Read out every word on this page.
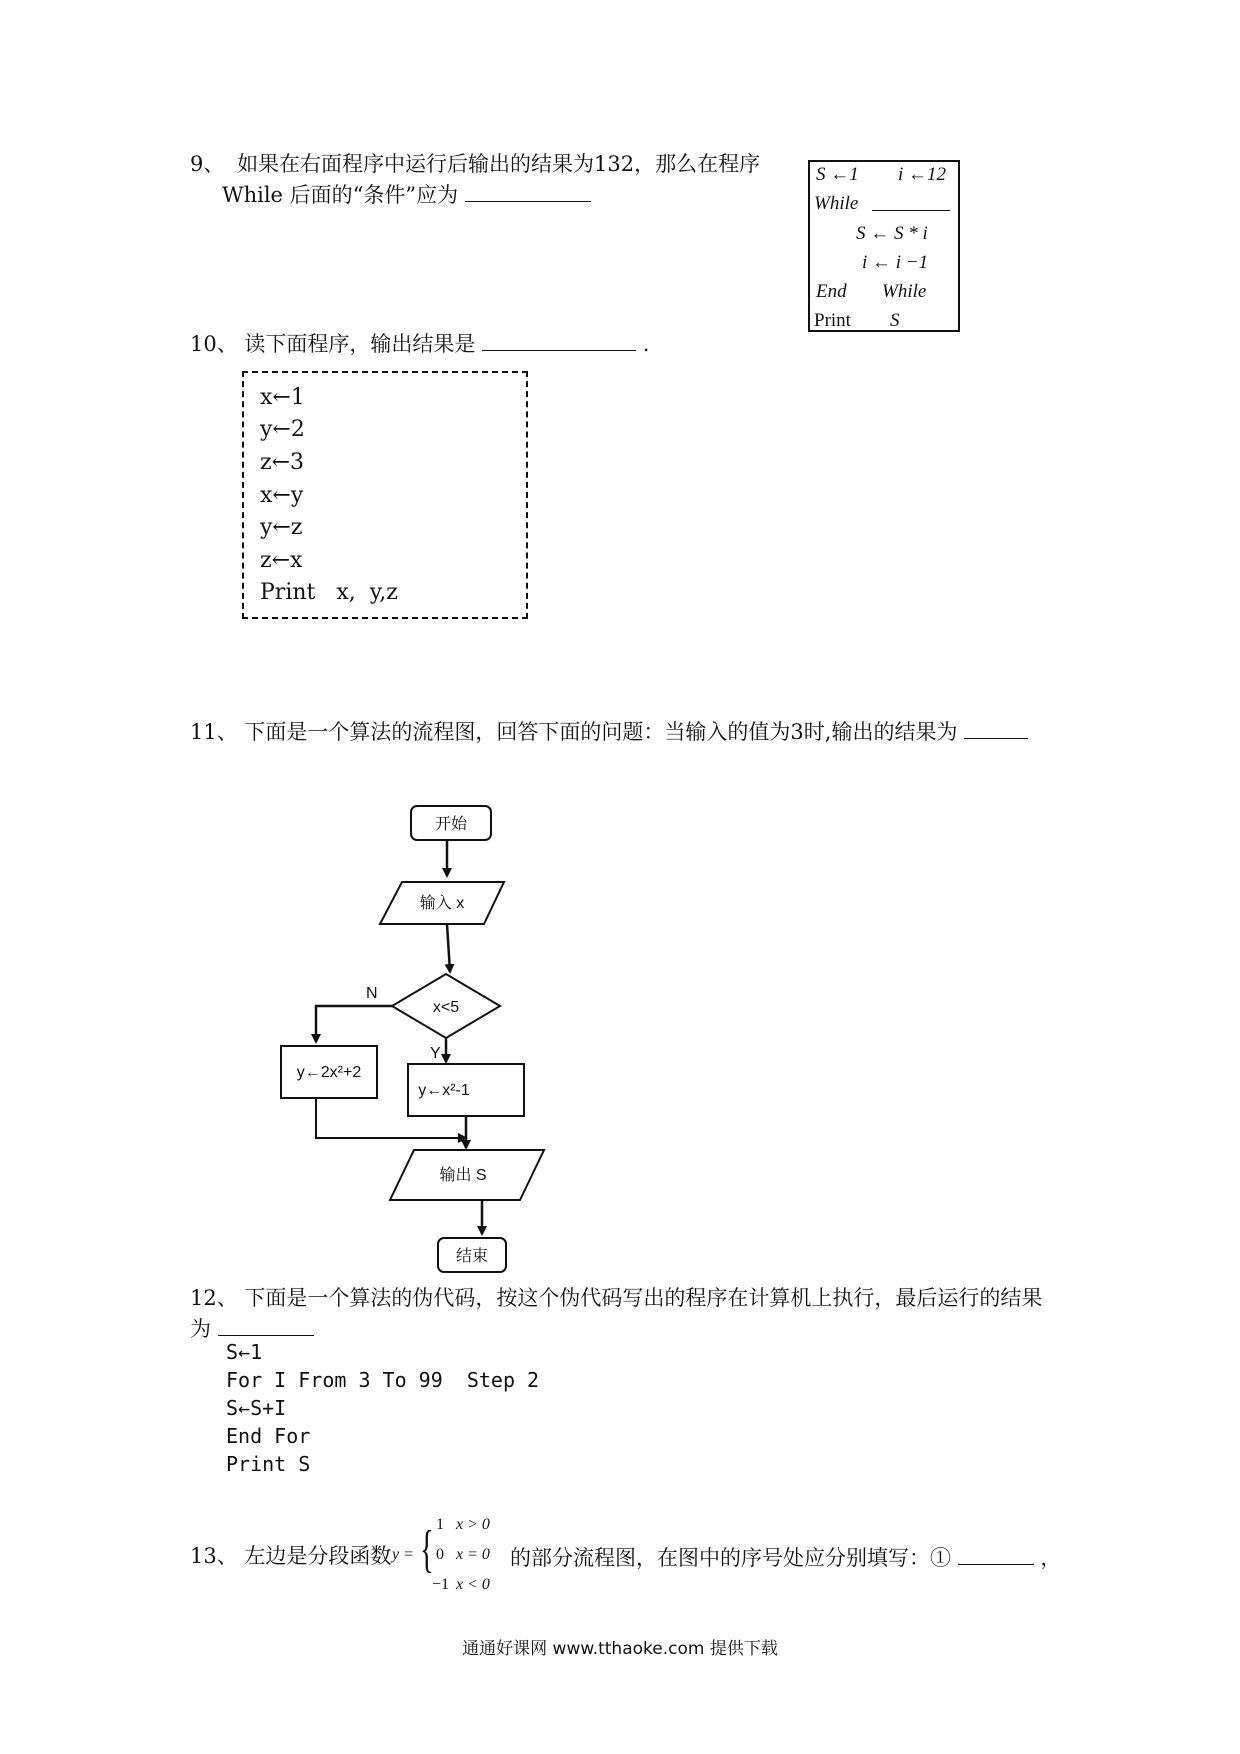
9、 如果在右面程序中运行后输出的结果为132，那么在程序
While 后面的“条件”应为
S ←1 i ←12
While
S ← S * i
i ← i −1
End While
Print S
10、 读下面程序，输出结果是	.
x←1
y←2
z←3
x←y
y←z
z←x
Print   x,  y,z
11、 下面是一个算法的流程图，回答下面的问题：当输入的值为3时,输出的结果为
开始
输入 x
x<5
N
Y
y←2x²+2
y←x²-1
输出 S
结束
12、 下面是一个算法的伪代码，按这个伪代码写出的程序在计算机上执行，最后运行的结果
为
S←1
For I From 3 To 99  Step 2
S←S+I
End For
Print S
13、 左边是分段函数 y = { 1 x > 0
0 x = 0
−1 x < 0
的部分流程图，在图中的序号处应分别填写：①	，
通通好课网 www.tthaoke.com 提供下载
